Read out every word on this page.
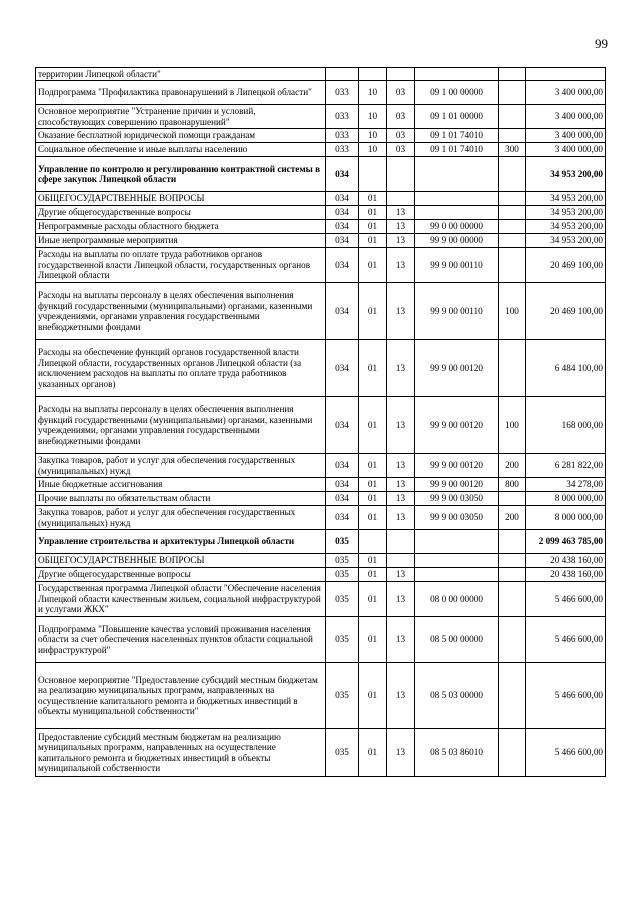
99
территории Липецкой области"						
Подпрограмма "Профилактика правонарушений в Липецкой области"	033	10	03	09 1 00 00000		3 400 000,00
Основное мероприятие "Устранение причин и условий, способствующих совершению правонарушений"	033	10	03	09 1 01 00000		3 400 000,00
Оказание бесплатной юридической помощи гражданам	033	10	03	09 1 01 74010		3 400 000,00
Социальное обеспечение и иные выплаты населению	033	10	03	09 1 01 74010	300	3 400 000,00
Управление по контролю и регулированию контрактной системы в сфере закупок Липецкой области	034					34 953 200,00
ОБЩЕГОСУДАРСТВЕННЫЕ ВОПРОСЫ	034	01				34 953 200,00
Другие общегосударственные вопросы	034	01	13			34 953 200,00
Непрограммные расходы областного бюджета	034	01	13	99 0 00 00000		34 953 200,00
Иные непрограммные мероприятия	034	01	13	99 9 00 00000		34 953 200,00
Расходы на выплаты по оплате труда работников органов государственной власти Липецкой области, государственных органов Липецкой области	034	01	13	99 9 00 00110		20 469 100,00
Расходы на выплаты персоналу в целях обеспечения выполнения функций государственными (муниципальными) органами, казенными учреждениями, органами управления государственными внебюджетными фондами	034	01	13	99 9 00 00110	100	20 469 100,00
Расходы на обеспечение функций органов государственной власти Липецкой области, государственных органов Липецкой области (за исключением расходов на выплаты по оплате труда работников указанных органов)	034	01	13	99 9 00 00120		6 484 100,00
Расходы на выплаты персоналу в целях обеспечения выполнения функций государственными (муниципальными) органами, казенными учреждениями, органами управления государственными внебюджетными фондами	034	01	13	99 9 00 00120	100	168 000,00
Закупка товаров, работ и услуг для обеспечения государственных (муниципальных) нужд	034	01	13	99 9 00 00120	200	6 281 822,00
Иные бюджетные ассигнования	034	01	13	99 9 00 00120	800	34 278,00
Прочие выплаты по обязательствам области	034	01	13	99 9 00 03050		8 000 000,00
Закупка товаров, работ и услуг для обеспечения государственных (муниципальных) нужд	034	01	13	99 9 00 03050	200	8 000 000,00
Управление строительства и архитектуры Липецкой области	035					2 099 463 785,00
ОБЩЕГОСУДАРСТВЕННЫЕ ВОПРОСЫ	035	01				20 438 160,00
Другие общегосударственные вопросы	035	01	13			20 438 160,00
Государственная программа Липецкой области "Обеспечение населения Липецкой области качественным жильем, социальной инфраструктурой и услугами ЖКХ"	035	01	13	08 0 00 00000		5 466 600,00
Подпрограмма "Повышение качества условий проживания населения области за счет обеспечения населенных пунктов области социальной инфраструктурой"	035	01	13	08 5 00 00000		5 466 600,00
Основное мероприятие "Предоставление субсидий местным бюджетам на реализацию муниципальных программ, направленных на осуществление капитального ремонта и бюджетных инвестиций в объекты муниципальной собственности"	035	01	13	08 5 03 00000		5 466 600,00
Предоставление субсидий местным бюджетам на реализацию муниципальных программ, направленных на осуществление капитального ремонта и бюджетных инвестиций в объекты муниципальной собственности	035	01	13	08 5 03 86010		5 466 600,00
